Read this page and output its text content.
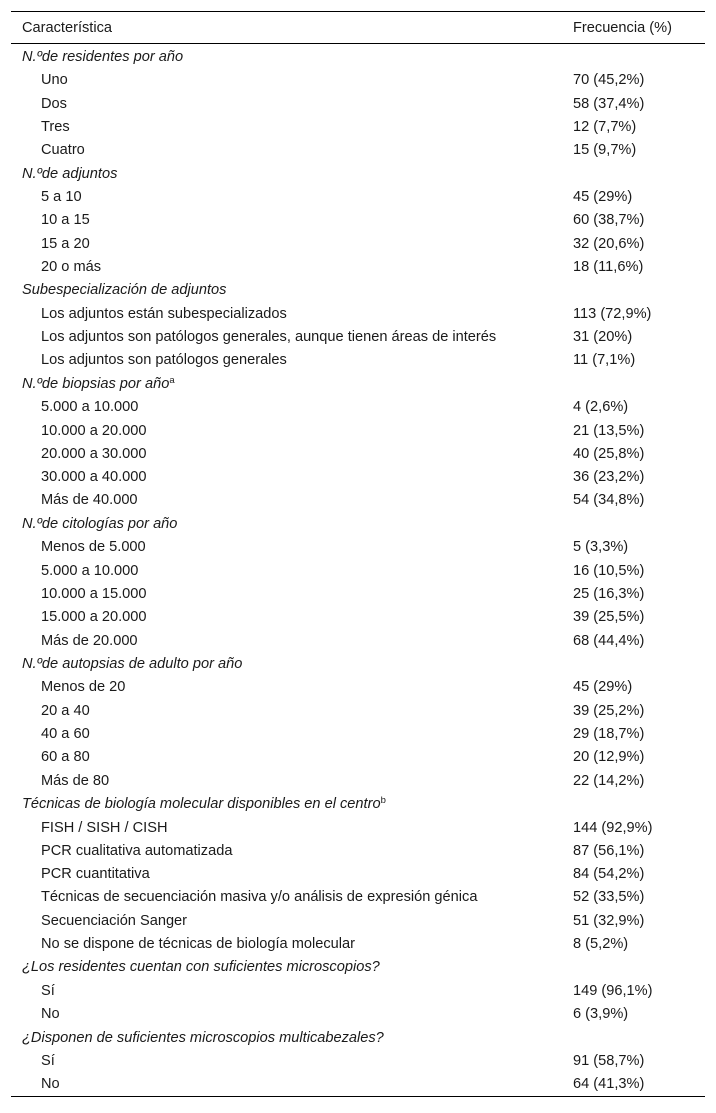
Característica	Frecuencia (%)
N.ºde residentes por año
Uno	70 (45,2%)
Dos	58 (37,4%)
Tres	12 (7,7%)
Cuatro	15 (9,7%)
N.ºde adjuntos
5 a 10	45 (29%)
10 a 15	60 (38,7%)
15 a 20	32 (20,6%)
20 o más	18 (11,6%)
Subespecialización de adjuntos
Los adjuntos están subespecializados	113 (72,9%)
Los adjuntos son patólogos generales, aunque tienen áreas de interés	31 (20%)
Los adjuntos son patólogos generales	11 (7,1%)
N.ºde biopsias por año$^a$
5.000 a 10.000	4 (2,6%)
10.000 a 20.000	21 (13,5%)
20.000 a 30.000	40 (25,8%)
30.000 a 40.000	36 (23,2%)
Más de 40.000	54 (34,8%)
N.ºde citologías por año
Menos de 5.000	5 (3,3%)
5.000 a 10.000	16 (10,5%)
10.000 a 15.000	25 (16,3%)
15.000 a 20.000	39 (25,5%)
Más de 20.000	68 (44,4%)
N.ºde autopsias de adulto por año
Menos de 20	45 (29%)
20 a 40	39 (25,2%)
40 a 60	29 (18,7%)
60 a 80	20 (12,9%)
Más de 80	22 (14,2%)
Técnicas de biología molecular disponibles en el centro$^b$
FISH / SISH / CISH	144 (92,9%)
PCR cualitativa automatizada	87 (56,1%)
PCR cuantitativa	84 (54,2%)
Técnicas de secuenciación masiva y/o análisis de expresión génica	52 (33,5%)
Secuenciación Sanger	51 (32,9%)
No se dispone de técnicas de biología molecular	8 (5,2%)
¿Los residentes cuentan con suficientes microscopios?
Sí	149 (96,1%)
No	6 (3,9%)
¿Disponen de suficientes microscopios multicabezales?
Sí	91 (58,7%)
No	64 (41,3%)
